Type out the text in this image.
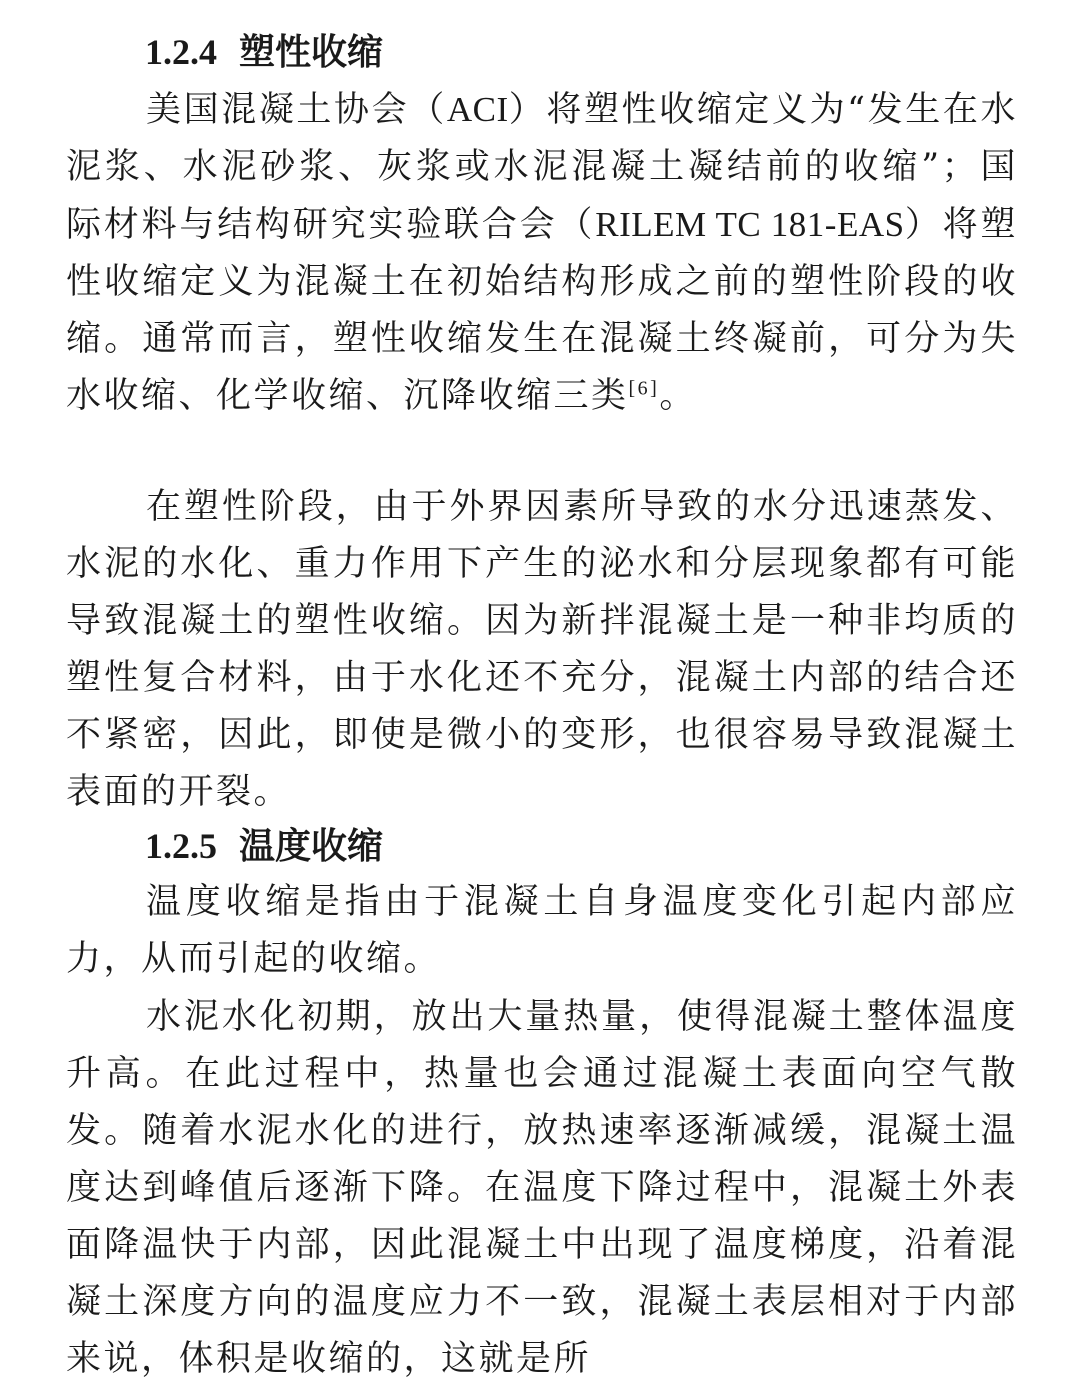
1.2.4 塑性收缩

美国混凝土协会（ACI）将塑性收缩定义为“发生在水泥浆、水泥砂浆、灰浆或水泥混凝土凝结前的收缩”；国际材料与结构研究实验联合会（RILEM TC 181-EAS）将塑性收缩定义为混凝土在初始结构形成之前的塑性阶段的收缩。通常而言，塑性收缩发生在混凝土终凝前，可分为失水收缩、化学收缩、沉降收缩三类[6]。

在塑性阶段，由于外界因素所导致的水分迅速蒸发、水泥的水化、重力作用下产生的泌水和分层现象都有可能导致混凝土的塑性收缩。因为新拌混凝土是一种非均质的塑性复合材料，由于水化还不充分，混凝土内部的结合还不紧密，因此，即使是微小的变形，也很容易导致混凝土表面的开裂。

1.2.5 温度收缩

温度收缩是指由于混凝土自身温度变化引起内部应力，从而引起的收缩。

水泥水化初期，放出大量热量，使得混凝土整体温度升高。在此过程中，热量也会通过混凝土表面向空气散发。随着水泥水化的进行，放热速率逐渐减缓，混凝土温度达到峰值后逐渐下降。在温度下降过程中，混凝土外表面降温快于内部，因此混凝土中出现了温度梯度，沿着混凝土深度方向的温度应力不一致，混凝土表层相对于内部来说，体积是收缩的，这就是所
